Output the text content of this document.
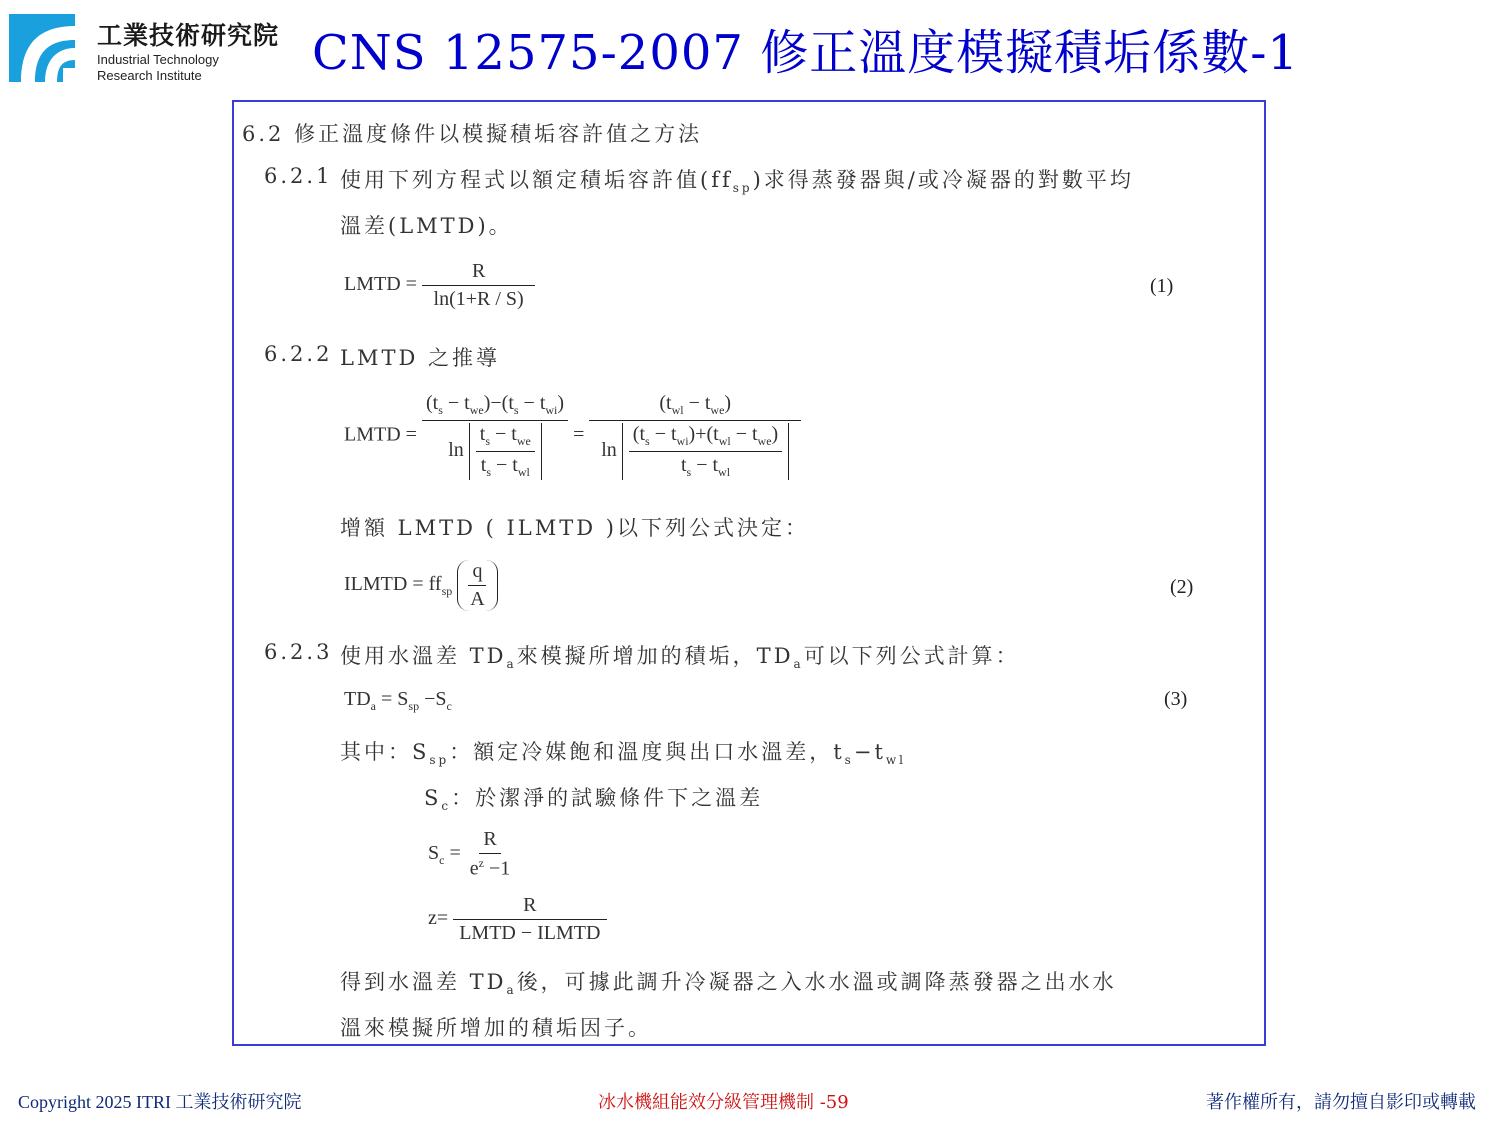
工業技術研究院
Industrial Technology
Research Institute	CNS 12575-2007 修正溫度模擬積垢係數-1
6.2 修正溫度條件以模擬積垢容許值之方法
6.2.1 使用下列方程式以額定積垢容許值$(ff_{sp})$求得蒸發器與/或冷凝器的對數平均
溫差(LMTD)。
LMTD = $\frac{R}{\ln(1+R / S)}$	(1)
6.2.2 LMTD 之推導
LMTD = $\frac{(t_s - t_{we})-(t_s - t_{wi})}{\ln \frac{t_s - t_{we}}{t_s - t_{wl}}} = \frac{(t_{wl} - t_{we})}{\ln \frac{(t_s - t_{wi})+(t_{wl} - t_{we})}{t_s - t_{wl}}}$
增額 LMTD ( ILMTD )以下列公式決定：
ILMTD = $ff_{sp} \frac{q}{A}$	(2)
6.2.3 使用水溫差 $TD_a$來模擬所增加的積垢，$TD_a$可以下列公式計算：
$TD_a = S_{sp} -S_c$	(3)
其中：$S_{sp}$：額定冷媒飽和溫度與出口水溫差，$t_s-t_{wl}$
$S_c$：於潔淨的試驗條件下之溫差
$S_c = \frac{R}{e^z -1}$
$z= \frac{R}{\text{LMTD − ILMTD}}$
得到水溫差 $TD_a$後，可據此調升冷凝器之入水水溫或調降蒸發器之出水水
溫來模擬所增加的積垢因子。
Copyright 2025 ITRI 工業技術研究院	冰水機組能效分級管理機制 -59	著作權所有，請勿擅自影印或轉載
